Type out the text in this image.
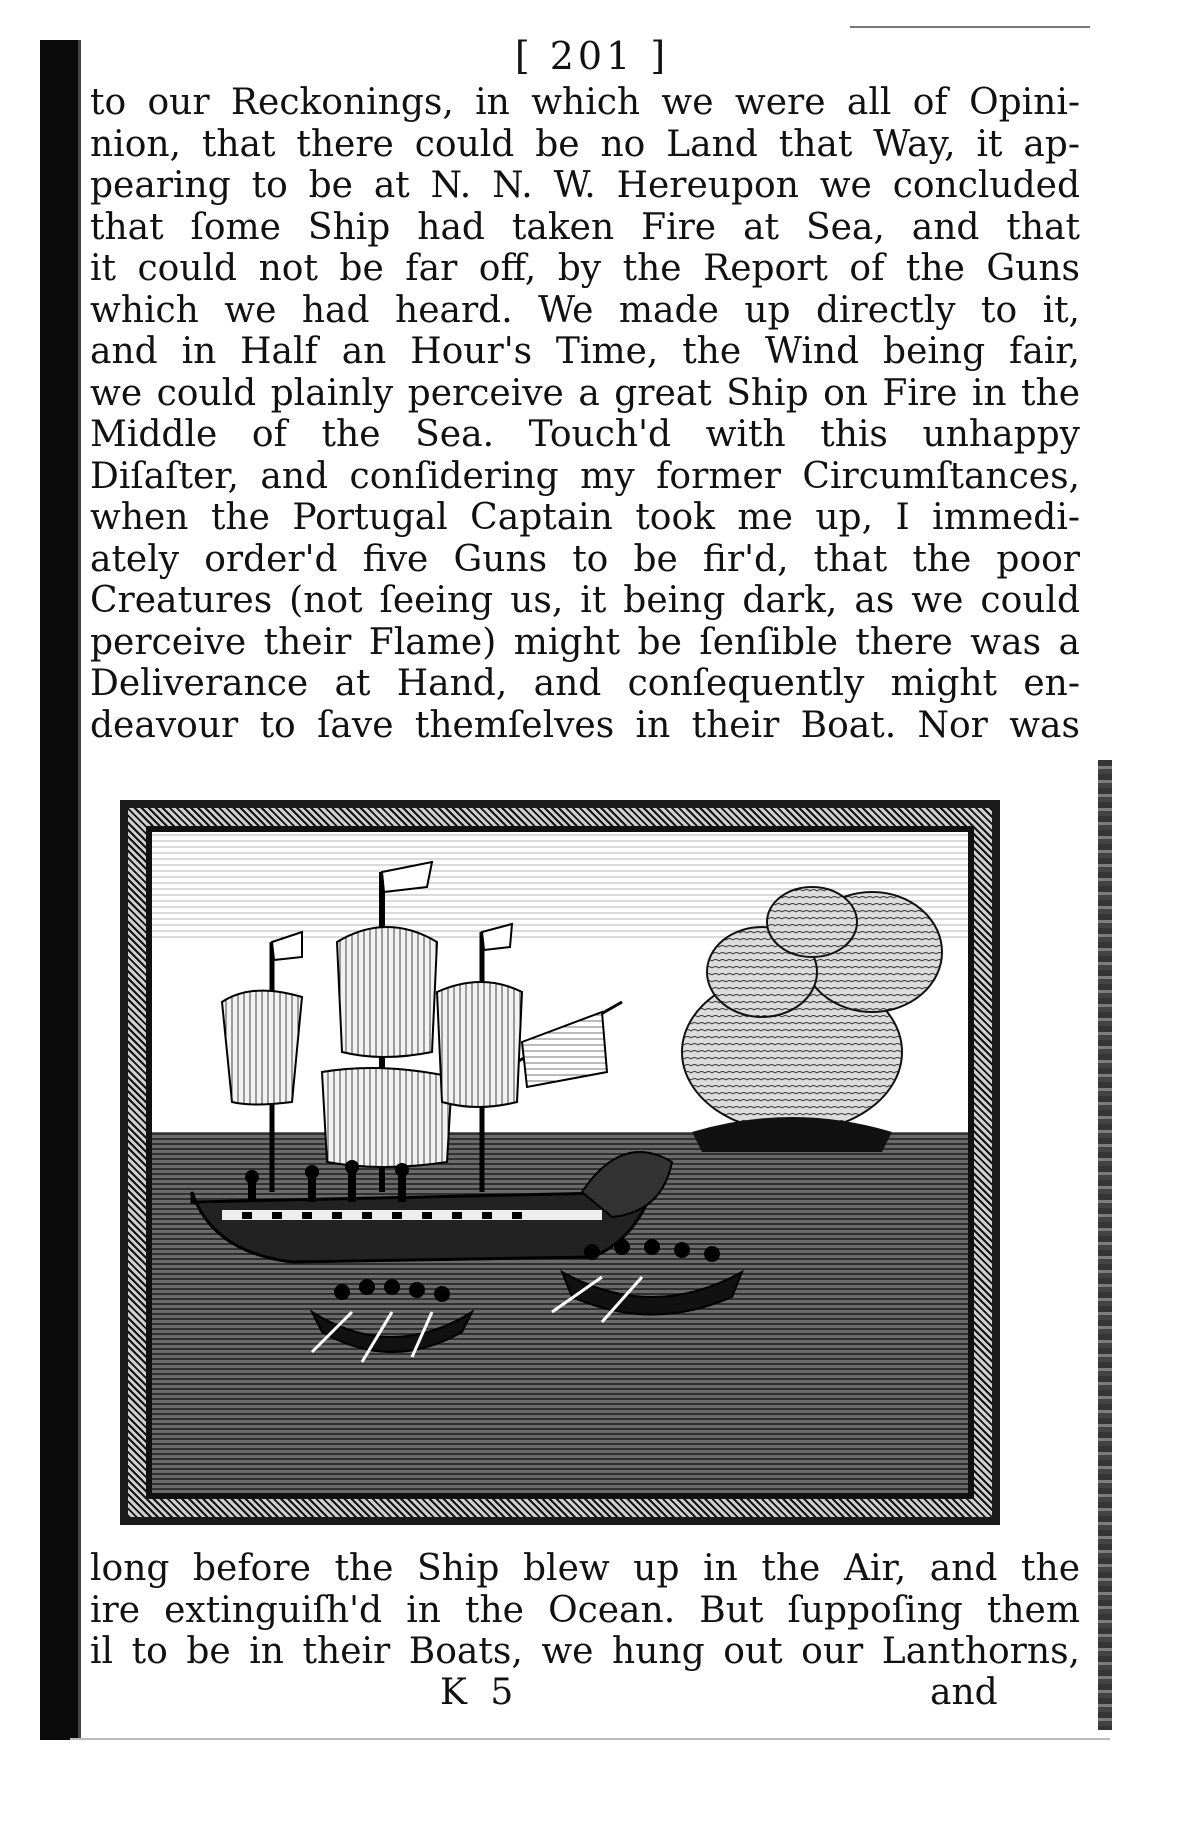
[ 201 ]
to our Reckonings, in which we were all of Opini-
nion, that there could be no Land that Way, it ap-
pearing to be at N. N. W. Hereupon we concluded
that ſome Ship had taken Fire at Sea, and that
it could not be far off, by the Report of the Guns
which we had heard. We made up directly to it,
and in Half an Hour's Time, the Wind being fair,
we could plainly perceive a great Ship on Fire in the
Middle of the Sea. Touch'd with this unhappy
Diſaſter, and conſidering my former Circumſtances,
when the Portugal Captain took me up, I immedi-
ately order'd five Guns to be fir'd, that the poor
Creatures (not ſeeing us, it being dark, as we could
perceive their Flame) might be ſenſible there was a
Deliverance at Hand, and conſequently might en-
deavour to ſave themſelves in their Boat. Nor was
long before the Ship blew up in the Air, and the
ire extinguiſh'd in the Ocean. But ſuppoſing them
il to be in their Boats, we hung out our Lanthorns,
K 5	and
